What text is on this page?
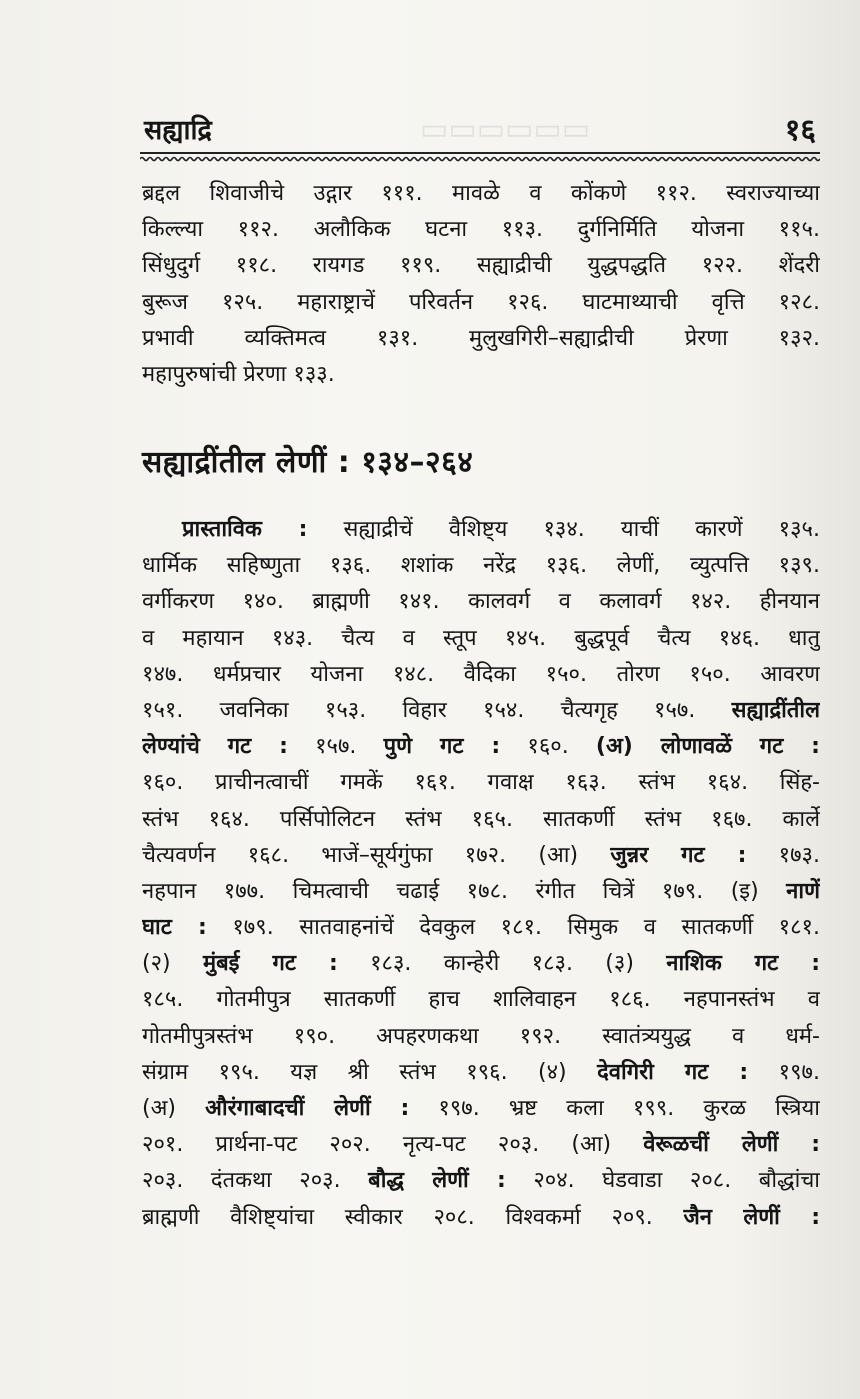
▭▭▭▭▭▭
सह्याद्रि	१६
ब्रद्दल शिवाजीचे उद्गार १११. मावळे व कोंकणे ११२. स्वराज्याच्या
किल्ल्या ११२. अलौकिक घटना ११३. दुर्गनिर्मिति योजना ११५.
सिंधुदुर्ग ११८. रायगड ११९. सह्याद्रीची युद्धपद्धति १२२. शेंदरी
बुरूज १२५. महाराष्ट्राचें परिवर्तन १२६. घाटमाथ्याची वृत्ति १२८.
प्रभावी व्यक्तिमत्व १३१. मुलुखगिरी–सह्याद्रीची प्रेरणा १३२.
महापुरुषांची प्रेरणा १३३.
सह्याद्रींतील लेणीं : १३४–२६४
प्रास्ताविक : सह्याद्रीचें वैशिष्ट्य १३४. याचीं कारणें १३५.
धार्मिक सहिष्णुता १३६. शशांक नरेंद्र १३६. लेणीं, व्युत्पत्ति १३९.
वर्गीकरण १४०. ब्राह्मणी १४१. कालवर्ग व कलावर्ग १४२. हीनयान
व महायान १४३. चैत्य व स्तूप १४५. बुद्धपूर्व चैत्य १४६. धातु
१४७. धर्मप्रचार योजना १४८. वैदिका १५०. तोरण १५०. आवरण
१५१. जवनिका १५३. विहार १५४. चैत्यगृह १५७. सह्याद्रींतील
लेण्यांचे गट : १५७. पुणे गट : १६०. (अ) लोणावळें गट :
१६०. प्राचीनत्वाचीं गमकें १६१. गवाक्ष १६३. स्तंभ १६४. सिंह-
स्तंभ १६४. पर्सिपोलिटन स्तंभ १६५. सातकर्णी स्तंभ १६७. कार्ले
चैत्यवर्णन १६८. भाजें–सूर्यगुंफा १७२. (आ) जुन्नर गट : १७३.
नहपान १७७. चिमत्वाची चढाई १७८. रंगीत चित्रें १७९. (इ) नाणें
घाट : १७९. सातवाहनांचें देवकुल १८१. सिमुक व सातकर्णी १८१.
(२) मुंबई गट : १८३. कान्हेरी १८३. (३) नाशिक गट :
१८५. गोतमीपुत्र सातकर्णी हाच शालिवाहन १८६. नहपानस्तंभ व
गोतमीपुत्रस्तंभ १९०. अपहरणकथा १९२. स्वातंत्र्ययुद्ध व धर्म-
संग्राम १९५. यज्ञ श्री स्तंभ १९६. (४) देवगिरी गट : १९७.
(अ) औरंगाबादचीं लेणीं : १९७. भ्रष्ट कला १९९. कुरळ स्त्रिया
२०१. प्रार्थना-पट २०२. नृत्य-पट २०३. (आ) वेरूळचीं लेणीं :
२०३. दंतकथा २०३. बौद्ध लेणीं : २०४. घेडवाडा २०८. बौद्धांचा
ब्राह्मणी वैशिष्ट्यांचा स्वीकार २०८. विश्वकर्मा २०९. जैन लेणीं :
